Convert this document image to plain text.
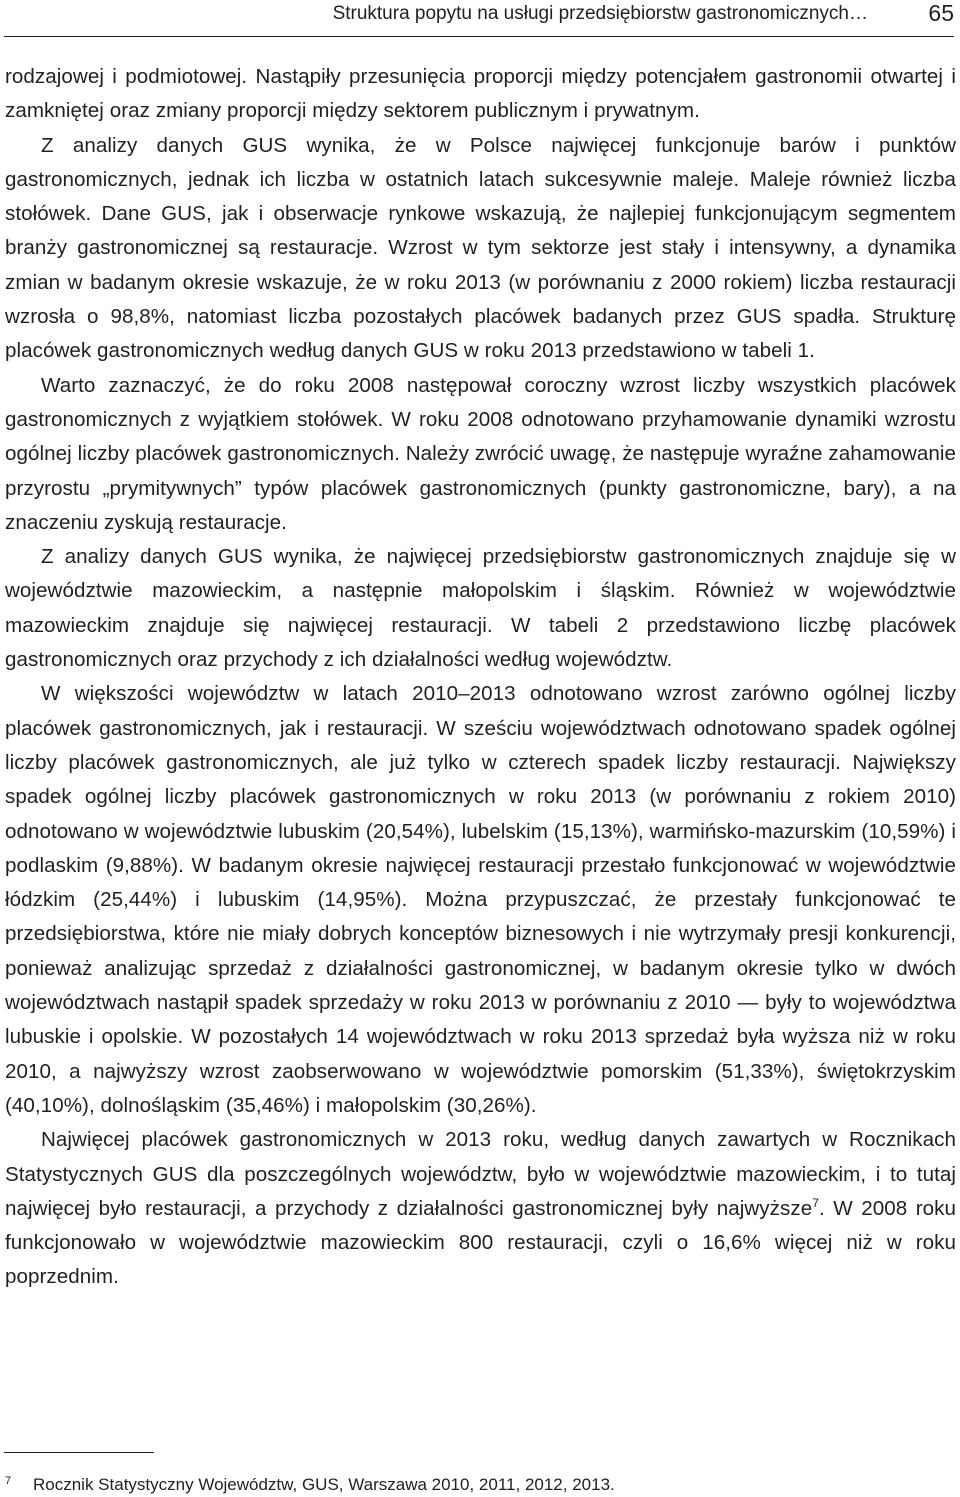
Struktura popytu na usługi przedsiębiorstw gastronomicznych…	65

rodzajowej i podmiotowej. Nastąpiły przesunięcia proporcji między potencjałem gastronomii otwartej i zamkniętej oraz zmiany proporcji między sektorem publicznym i prywatnym.

Z analizy danych GUS wynika, że w Polsce najwięcej funkcjonuje barów i punktów gastronomicznych, jednak ich liczba w ostatnich latach sukcesywnie maleje. Maleje również liczba stołówek. Dane GUS, jak i obserwacje rynkowe wskazują, że najlepiej funkcjonującym segmentem branży gastronomicznej są restauracje. Wzrost w tym sektorze jest stały i intensywny, a dynamika zmian w badanym okresie wskazuje, że w roku 2013 (w porównaniu z 2000 rokiem) liczba restauracji wzrosła o 98,8%, natomiast liczba pozostałych placówek badanych przez GUS spadła. Strukturę placówek gastronomicznych według danych GUS w roku 2013 przedstawiono w tabeli 1.

Warto zaznaczyć, że do roku 2008 następował coroczny wzrost liczby wszystkich placówek gastronomicznych z wyjątkiem stołówek. W roku 2008 odnotowano przyhamowanie dynamiki wzrostu ogólnej liczby placówek gastronomicznych. Należy zwrócić uwagę, że następuje wyraźne zahamowanie przyrostu „prymitywnych” typów placówek gastronomicznych (punkty gastronomiczne, bary), a na znaczeniu zyskują restauracje.

Z analizy danych GUS wynika, że najwięcej przedsiębiorstw gastronomicznych znajduje się w województwie mazowieckim, a następnie małopolskim i śląskim. Również w województwie mazowieckim znajduje się najwięcej restauracji. W tabeli 2 przedstawiono liczbę placówek gastronomicznych oraz przychody z ich działalności według województw.

W większości województw w latach 2010–2013 odnotowano wzrost zarówno ogólnej liczby placówek gastronomicznych, jak i restauracji. W sześciu województwach odnotowano spadek ogólnej liczby placówek gastronomicznych, ale już tylko w czterech spadek liczby restauracji. Największy spadek ogólnej liczby placówek gastronomicznych w roku 2013 (w porównaniu z rokiem 2010) odnotowano w województwie lubuskim (20,54%), lubelskim (15,13%), warmińsko-mazurskim (10,59%) i podlaskim (9,88%). W badanym okresie najwięcej restauracji przestało funkcjonować w województwie łódzkim (25,44%) i lubuskim (14,95%). Można przypuszczać, że przestały funkcjonować te przedsiębiorstwa, które nie miały dobrych konceptów biznesowych i nie wytrzymały presji konkurencji, ponieważ analizując sprzedaż z działalności gastronomicznej, w badanym okresie tylko w dwóch województwach nastąpił spadek sprzedaży w roku 2013 w porównaniu z 2010 — były to województwa lubuskie i opolskie. W pozostałych 14 województwach w roku 2013 sprzedaż była wyższa niż w roku 2010, a najwyższy wzrost zaobserwowano w województwie pomorskim (51,33%), świętokrzyskim (40,10%), dolnośląskim (35,46%) i małopolskim (30,26%).

Najwięcej placówek gastronomicznych w 2013 roku, według danych zawartych w Rocznikach Statystycznych GUS dla poszczególnych województw, było w województwie mazowieckim, i to tutaj najwięcej było restauracji, a przychody z działalności gastronomicznej były najwyższe$^7$. W 2008 roku funkcjonowało w województwie mazowieckim 800 restauracji, czyli o 16,6% więcej niż w roku poprzednim.

7 Rocznik Statystyczny Województw, GUS, Warszawa 2010, 2011, 2012, 2013.
